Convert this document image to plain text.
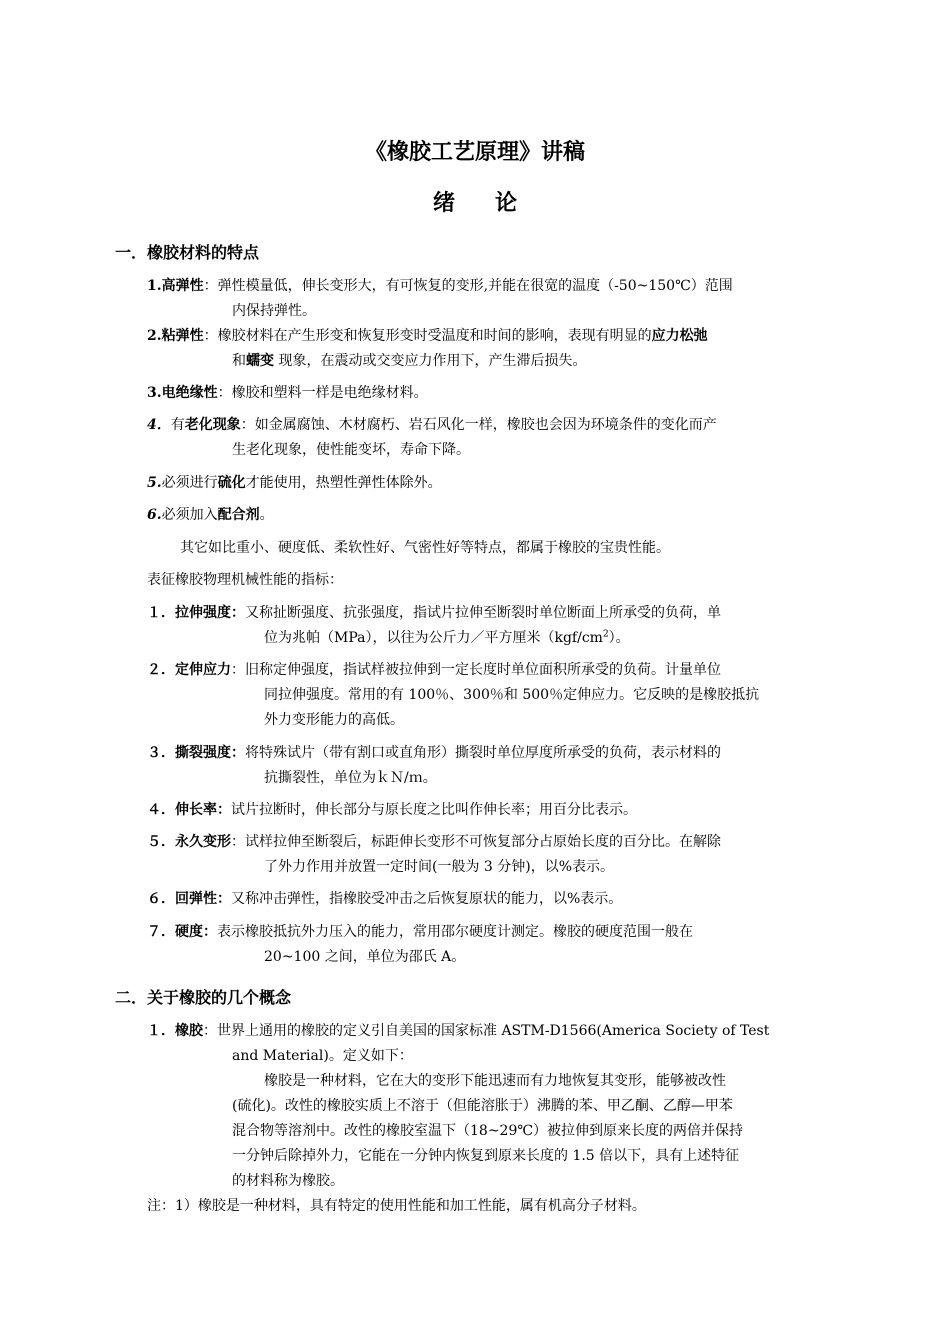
《橡胶工艺原理》讲稿
绪论
一．橡胶材料的特点
1.高弹性：弹性模量低，伸长变形大，有可恢复的变形,并能在很宽的温度（-50~150℃）范围
内保持弹性。
2.粘弹性：橡胶材料在产生形变和恢复形变时受温度和时间的影响，表现有明显的应力松弛
和蠕变 现象，在震动或交变应力作用下，产生滞后损失。
3.电绝缘性：橡胶和塑料一样是电绝缘材料。
4．有老化现象：如金属腐蚀、木材腐朽、岩石风化一样，橡胶也会因为环境条件的变化而产
生老化现象，使性能变坏，寿命下降。
5.必须进行硫化才能使用，热塑性弹性体除外。
6.必须加入配合剂。
其它如比重小、硬度低、柔软性好、气密性好等特点，都属于橡胶的宝贵性能。
表征橡胶物理机械性能的指标：
１．拉伸强度：又称扯断强度、抗张强度，指试片拉伸至断裂时单位断面上所承受的负荷，单
位为兆帕（MPa），以往为公斤力／平方厘米$(kgf/cm^2)$。
２．定伸应力：旧称定伸强度，指试样被拉伸到一定长度时单位面积所承受的负荷。计量单位
同拉伸强度。常用的有 100％、300％和 500％定伸应力。它反映的是橡胶抵抗
外力变形能力的高低。
３．撕裂强度：将特殊试片（带有割口或直角形）撕裂时单位厚度所承受的负荷，表示材料的
抗撕裂性，单位为ｋＮ/ｍ。
４．伸长率：试片拉断时，伸长部分与原长度之比叫作伸长率；用百分比表示。
５．永久变形：试样拉伸至断裂后，标距伸长变形不可恢复部分占原始长度的百分比。在解除
了外力作用并放置一定时间(一般为 3 分钟)，以%表示。
６．回弹性：又称冲击弹性，指橡胶受冲击之后恢复原状的能力，以%表示。
７．硬度：表示橡胶抵抗外力压入的能力，常用邵尔硬度计测定。橡胶的硬度范围一般在
20~100 之间，单位为邵氏 A。
二．关于橡胶的几个概念
１．橡胶：世界上通用的橡胶的定义引自美国的国家标准 ASTM-D1566(America Society of Test
and Material)。定义如下：
橡胶是一种材料，它在大的变形下能迅速而有力地恢复其变形，能够被改性
(硫化)。改性的橡胶实质上不溶于（但能溶胀于）沸腾的苯、甲乙酮、乙醇—甲苯
混合物等溶剂中。改性的橡胶室温下（18~29℃）被拉伸到原来长度的两倍并保持
一分钟后除掉外力，它能在一分钟内恢复到原来长度的 1.5 倍以下，具有上述特征
的材料称为橡胶。
注：1）橡胶是一种材料，具有特定的使用性能和加工性能，属有机高分子材料。
